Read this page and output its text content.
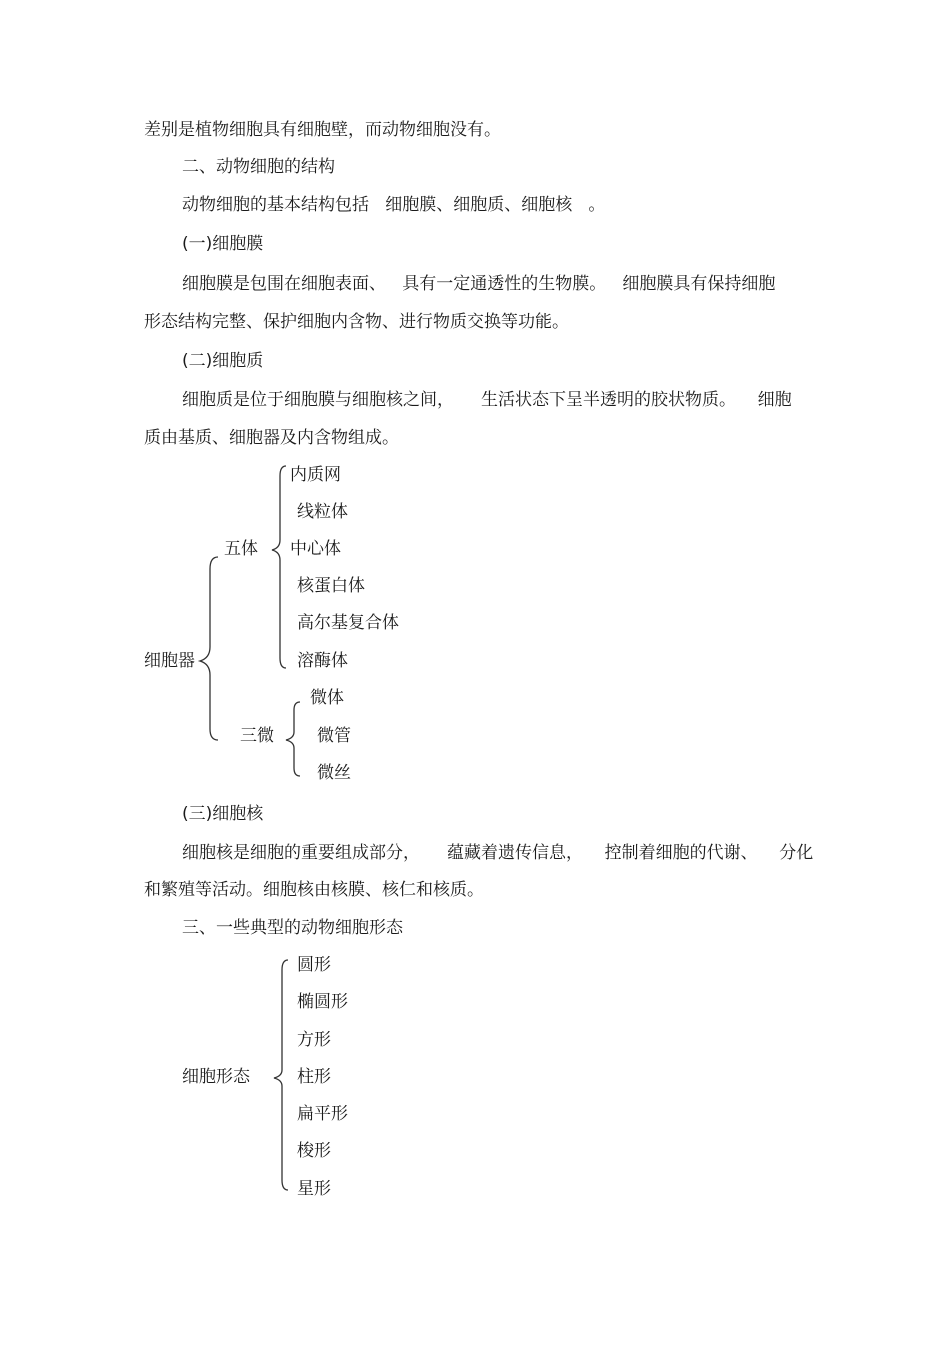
差别是植物细胞具有细胞壁，而动物细胞没有。
二、动物细胞的结构
动物细胞的基本结构包括   细胞膜、细胞质、细胞核   。
(一)细胞膜
细胞膜是包围在细胞表面、   具有一定通透性的生物膜。   细胞膜具有保持细胞
形态结构完整、保护细胞内含物、进行物质交换等功能。
(二)细胞质
细胞质是位于细胞膜与细胞核之间，     生活状态下呈半透明的胶状物质。    细胞
质由基质、细胞器及内含物组成。
细胞器
五体
内质网
线粒体
中心体
核蛋白体
高尔基复合体
溶酶体
三微
微体
微管
微丝
(三)细胞核
细胞核是细胞的重要组成部分，     蕴藏着遗传信息，    控制着细胞的代谢、    分化
和繁殖等活动。细胞核由核膜、核仁和核质。
三、一些典型的动物细胞形态
细胞形态
圆形
椭圆形
方形
柱形
扁平形
梭形
星形
